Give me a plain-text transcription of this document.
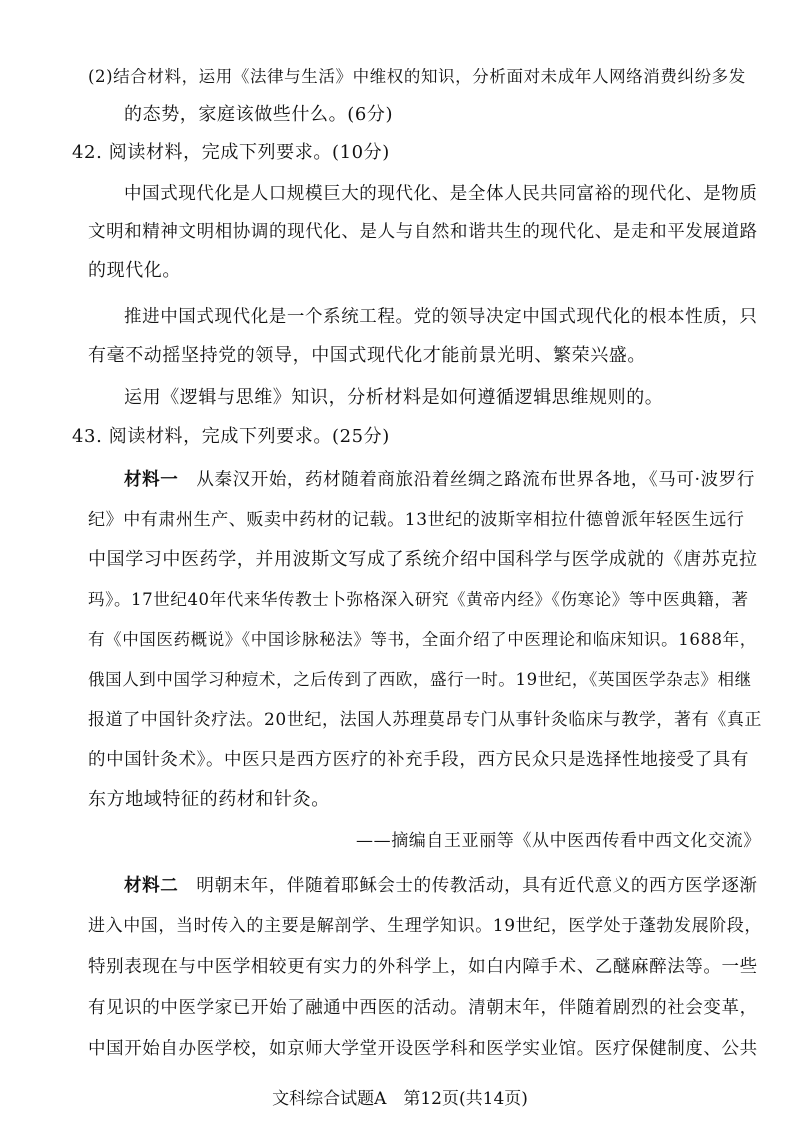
(2)结合材料，运用《法律与生活》中维权的知识，分析面对未成年人网络消费纠纷多发
的态势，家庭该做些什么。(6分)
42. 阅读材料，完成下列要求。(10分)
中国式现代化是人口规模巨大的现代化、是全体人民共同富裕的现代化、是物质
文明和精神文明相协调的现代化、是人与自然和谐共生的现代化、是走和平发展道路
的现代化。
推进中国式现代化是一个系统工程。党的领导决定中国式现代化的根本性质，只
有毫不动摇坚持党的领导，中国式现代化才能前景光明、繁荣兴盛。
运用《逻辑与思维》知识，分析材料是如何遵循逻辑思维规则的。
43. 阅读材料，完成下列要求。(25分)
材料一　 从秦汉开始，药材随着商旅沿着丝绸之路流布世界各地，《马可·波罗行
纪》中有肃州生产、贩卖中药材的记载。13世纪的波斯宰相拉什德曾派年轻医生远行
中国学习中医药学，并用波斯文写成了系统介绍中国科学与医学成就的《唐苏克拉
玛》。17世纪40年代来华传教士卜弥格深入研究《黄帝内经》《伤寒论》等中医典籍，著
有《中国医药概说》《中国诊脉秘法》等书，全面介绍了中医理论和临床知识。1688年，
俄国人到中国学习种痘术，之后传到了西欧，盛行一时。19世纪，《英国医学杂志》相继
报道了中国针灸疗法。20世纪，法国人苏理莫昂专门从事针灸临床与教学，著有《真正
的中国针灸术》。中医只是西方医疗的补充手段，西方民众只是选择性地接受了具有
东方地域特征的药材和针灸。
——摘编自王亚丽等《从中医西传看中西文化交流》
材料二　 明朝末年，伴随着耶稣会士的传教活动，具有近代意义的西方医学逐渐
进入中国，当时传入的主要是解剖学、生理学知识。19世纪，医学处于蓬勃发展阶段，
特别表现在与中医学相较更有实力的外科学上，如白内障手术、乙醚麻醉法等。一些
有见识的中医学家已开始了融通中西医的活动。清朝末年，伴随着剧烈的社会变革，
中国开始自办医学校，如京师大学堂开设医学科和医学实业馆。医疗保健制度、公共
文科综合试题A　第12页(共14页)
